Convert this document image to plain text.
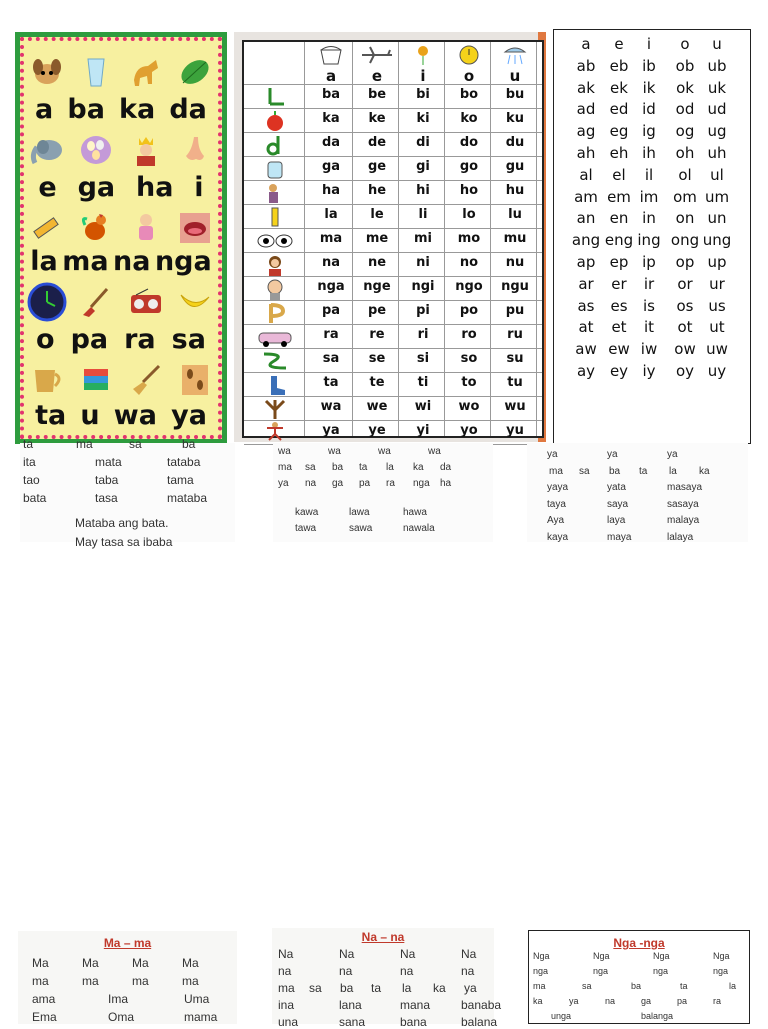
a ba ka da
e ga ha i
la ma na nga
o pa ra sa
ta u wa ya
a	e	i	o	u
ba	be	bi	bo	bu
ka	ke	ki	ko	ku
da	de	di	do	du
ga	ge	gi	go	gu
ha	he	hi	ho	hu
la	le	li	lo	lu
ma	me	mi	mo	mu
na	ne	ni	no	nu
nga	nge	ngi	ngo	ngu
pa	pe	pi	po	pu
ra	re	ri	ro	ru
sa	se	si	so	su
ta	te	ti	to	tu
wa	we	wi	wo	wu
ya	ye	yi	yo	yu
a	e	i	o	u
ab eb ib	ob ub
ak	ek ik	ok uk
ad ed id	od ud
ag eg ig	og ug
ah eh ih	oh uh
al	el	il	ol	ul
am em im om um
an en in	on un
ang eng ing ong ung
ap ep ip	op up
ar	er	ir	or	ur
as	es	is	os us
at	et	it	ot	ut
aw ew iw	ow uw
ay ey iy	oy uy
ta	ma	sa	ba
ita	mata	tataba
tao	taba	tama
bata	tasa	mataba
Mataba ang bata.
May tasa sa ibaba
wa	wa	wa	wa
ma sa ba ta la ka da
ya na ga pa ra nga ha
kawa	lawa	hawa
tawa	sawa	nawala
ya	ya	ya
ma sa ba ta la ka
yaya	yata	masaya
taya	saya	sasaya
Aya	laya	malaya
kaya	maya	lalaya
Ma – ma
Ma	Ma	Ma	Ma
ma	ma	ma	ma
ama	Ima	Uma
Ema	Oma	mama
Na – na
Na	Na	Na	Na
na	na	na	na
ma sa ba ta la ka ya
ina	lana	mana	banaba
una	sana	bana	balana
Nga -nga
Nga	Nga	Nga	Nga
nga	nga	nga	nga
ma	sa	ba	ta	la
ka	ya	na	ga	pa	ra
unga	balanga
